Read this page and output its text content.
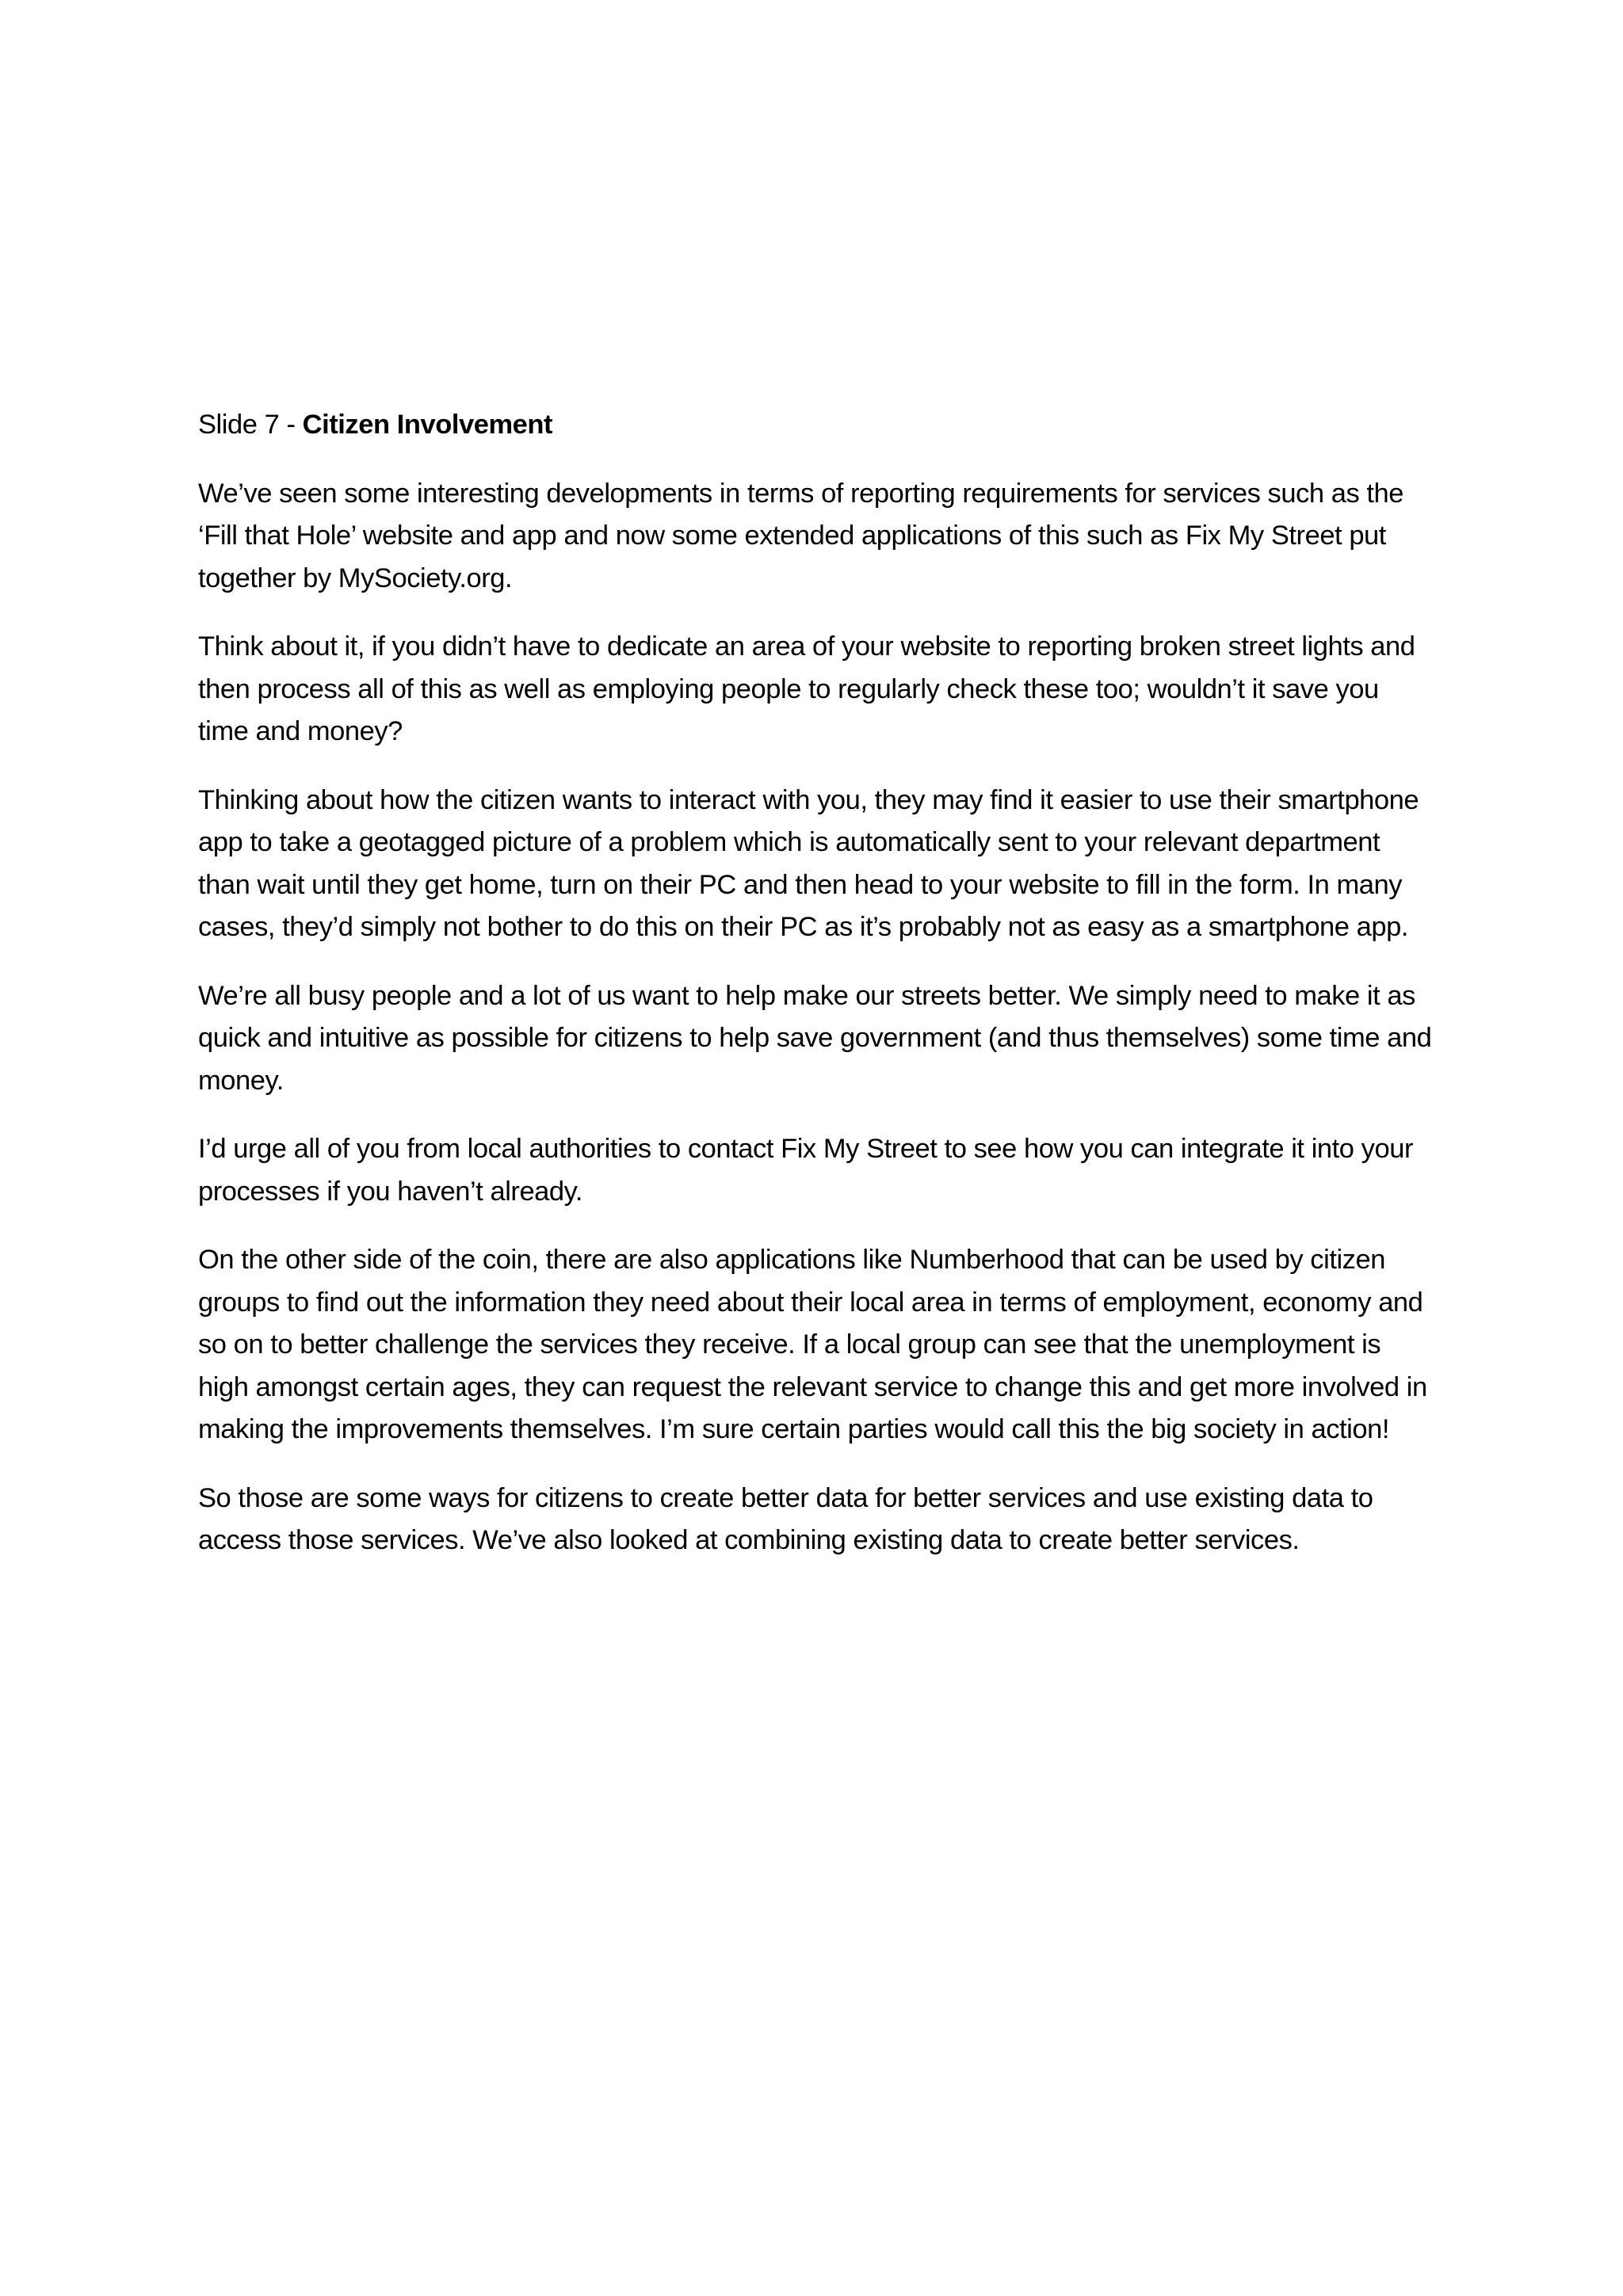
Slide 7 - Citizen Involvement

We’ve seen some interesting developments in terms of reporting requirements for services such as the ‘Fill that Hole’ website and app and now some extended applications of this such as Fix My Street put together by MySociety.org.

Think about it, if you didn’t have to dedicate an area of your website to reporting broken street lights and then process all of this as well as employing people to regularly check these too; wouldn’t it save you time and money?

Thinking about how the citizen wants to interact with you, they may find it easier to use their smartphone app to take a geotagged picture of a problem which is automatically sent to your relevant department than wait until they get home, turn on their PC and then head to your website to fill in the form. In many cases, they’d simply not bother to do this on their PC as it’s probably not as easy as a smartphone app.

We’re all busy people and a lot of us want to help make our streets better. We simply need to make it as quick and intuitive as possible for citizens to help save government (and thus themselves) some time and money.

I’d urge all of you from local authorities to contact Fix My Street to see how you can integrate it into your processes if you haven’t already.

On the other side of the coin, there are also applications like Numberhood that can be used by citizen groups to find out the information they need about their local area in terms of employment, economy and so on to better challenge the services they receive. If a local group can see that the unemployment is high amongst certain ages, they can request the relevant service to change this and get more involved in making the improvements themselves. I’m sure certain parties would call this the big society in action!

So those are some ways for citizens to create better data for better services and use existing data to access those services. We’ve also looked at combining existing data to create better services.
